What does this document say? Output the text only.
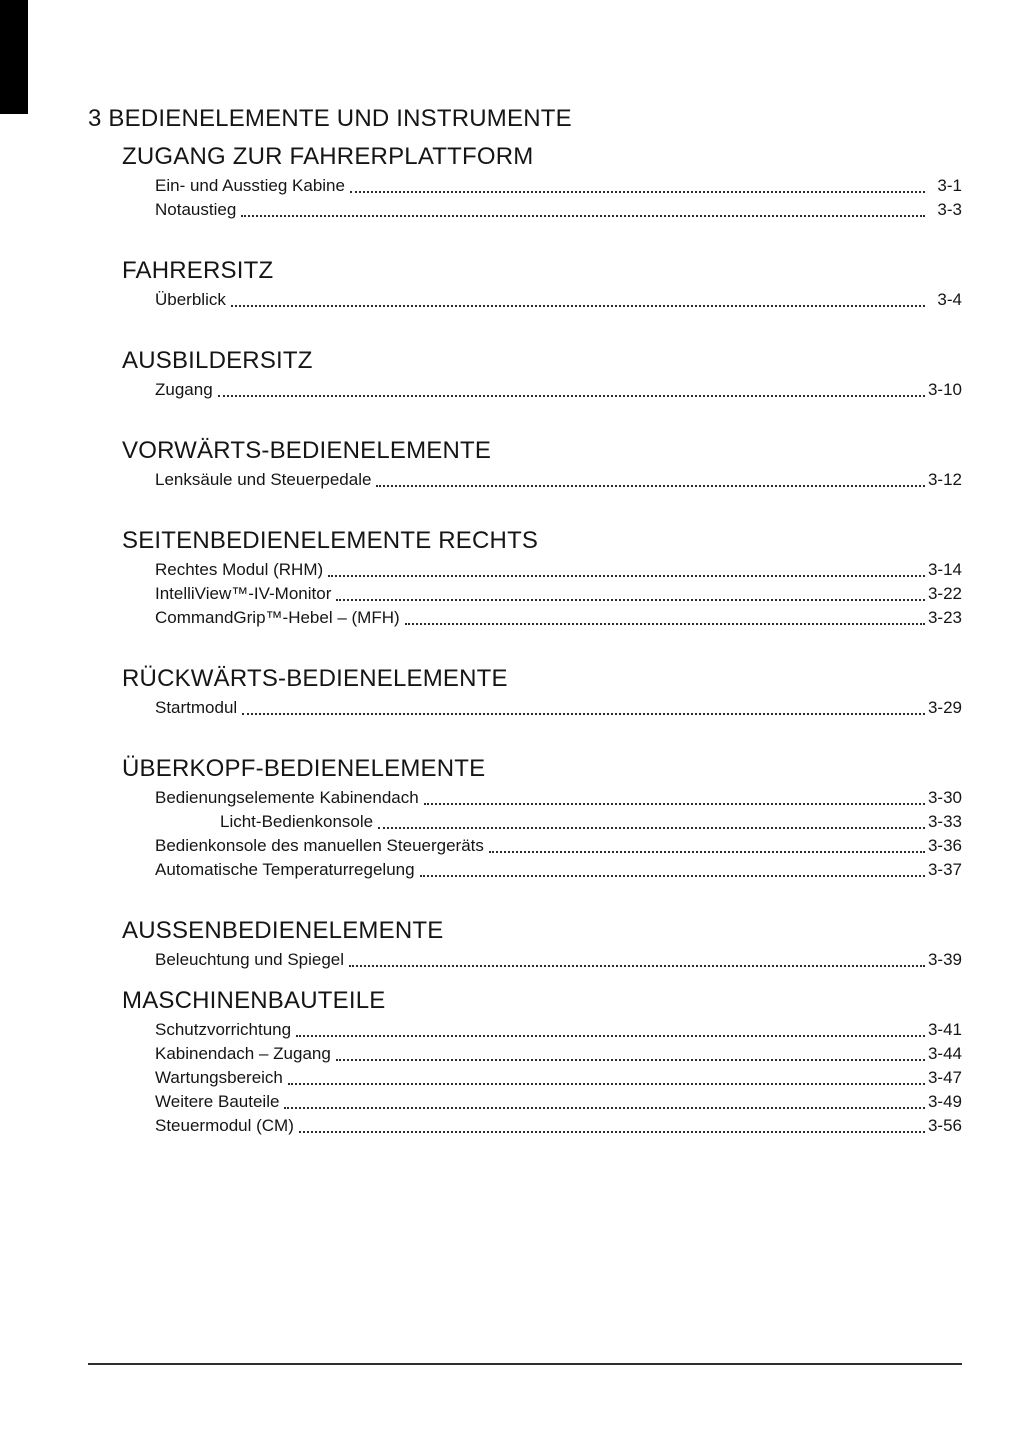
3 BEDIENELEMENTE UND INSTRUMENTE
ZUGANG ZUR FAHRERPLATTFORM
Ein- und Ausstieg Kabine	3-1
Notaustieg	3-3
FAHRERSITZ
Überblick	3-4
AUSBILDERSITZ
Zugang	3-10
VORWÄRTS-BEDIENELEMENTE
Lenksäule und Steuerpedale	3-12
SEITENBEDIENELEMENTE RECHTS
Rechtes Modul (RHM)	3-14
IntelliView™-IV-Monitor	3-22
CommandGrip™-Hebel – (MFH)	3-23
RÜCKWÄRTS-BEDIENELEMENTE
Startmodul	3-29
ÜBERKOPF-BEDIENELEMENTE
Bedienungselemente Kabinendach	3-30
Licht-Bedienkonsole	3-33
Bedienkonsole des manuellen Steuergeräts	3-36
Automatische Temperaturregelung	3-37
AUSSENBEDIENELEMENTE
Beleuchtung und Spiegel	3-39
MASCHINENBAUTEILE
Schutzvorrichtung	3-41
Kabinendach – Zugang	3-44
Wartungsbereich	3-47
Weitere Bauteile	3-49
Steuermodul (CM)	3-56
